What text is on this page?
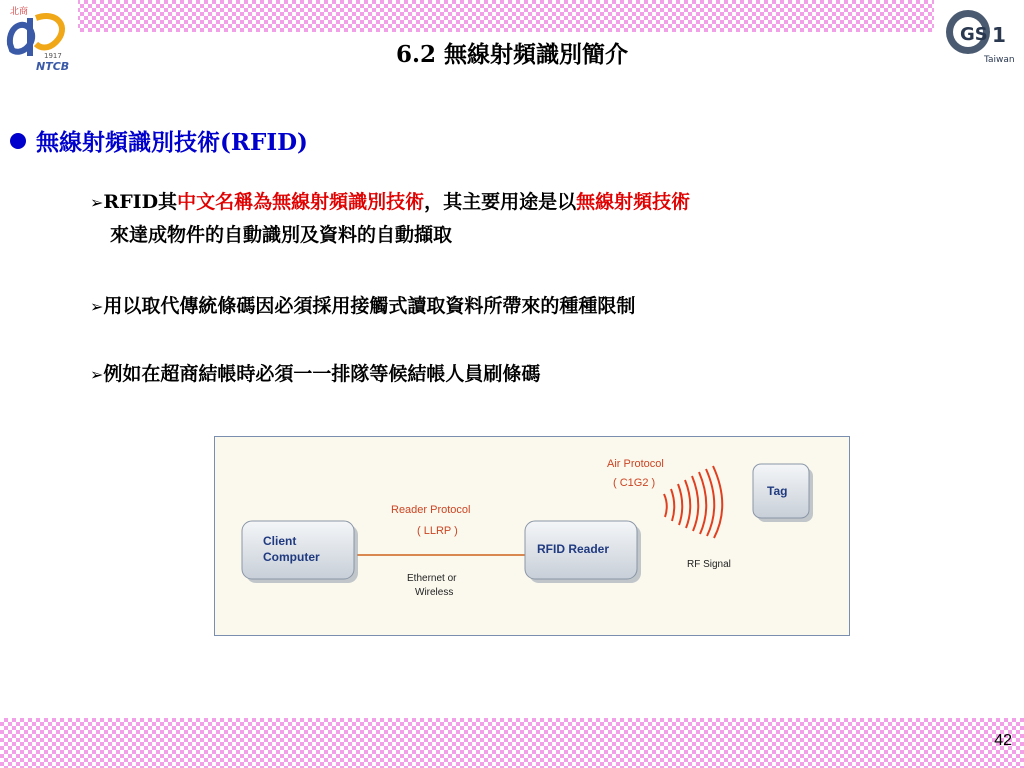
北商
1917
NTCB
GS 1
Taiwan
6.2 無線射頻識別簡介
無線射頻識別技術(RFID)
➢RFID其中文名稱為無線射頻識別技術，其主要用途是以無線射頻技術
來達成物件的自動識別及資料的自動擷取
➢用以取代傳統條碼因必須採用接觸式讀取資料所帶來的種種限制
➢例如在超商結帳時必須一一排隊等候結帳人員刷條碼
Client
Computer
RFID Reader
Tag
Reader Protocol
( LLRP )
Ethernet or
Wireless
Air Protocol
( C1G2 )
RF Signal
42
